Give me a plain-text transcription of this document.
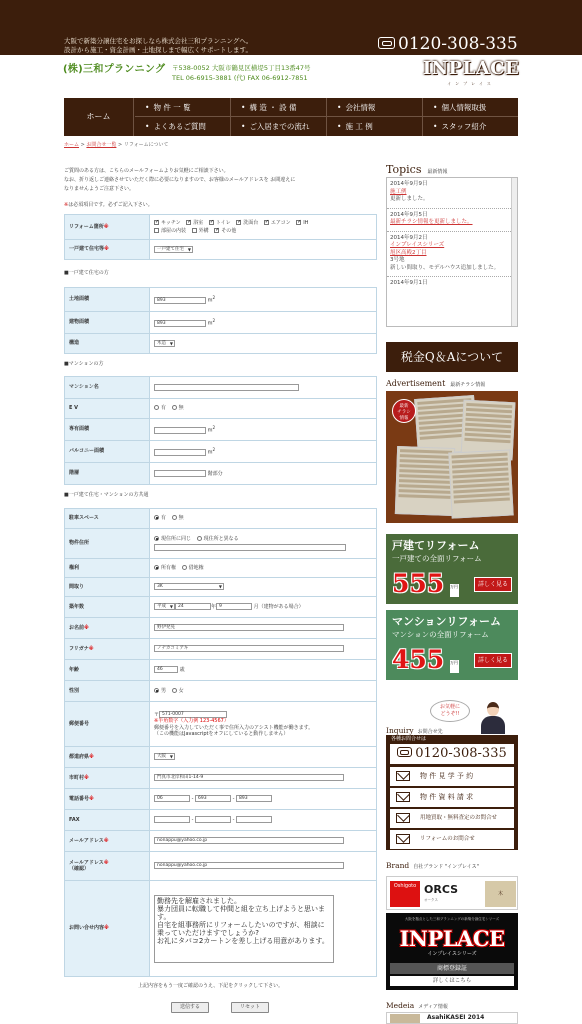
大阪で新築分譲住宅をお探しなら株式会社三和プランニングへ。
設計から施工・資金計画・土地探しまで幅広くサポートします。	0120-308-335
(株)三和プランニング 〒538-0052 大阪市鶴見区横堤5丁目13番47号
TEL 06-6915-3881 (代) FAX 06-6912-7851	INPLACE
インプレイス
ホーム
• 物 件 一 覧	• 構 造 ・ 設 備	• 会社情報	• 個人情報取扱
• よくあるご質問	• ご入居までの流れ	• 施 工 例	• スタッフ紹介
ホーム > お問合せ一覧 > リフォームについて
ご質問のある方は、こちらのメールフォームよりお気軽にご相談下さい。
なお、折り返しご連絡させていただく際に必要になりますので、お客様のメールアドレスを お間違えに
なりませんようご注意下さい。
※は必須項目です。必ずご記入下さい。
リフォーム箇所※	
✓キッチン ✓ 浴室 ✓ トイレ ✓ 洗面台 ✓ エアコン ✓ IH
部屋の内装 外構 ✓ その他

一戸建て住宅等※	一戸建て住宅 ▼
■一戸建て住宅の方
土地面積	893 $m^2$
建物面積	893 $m^2$
構造	木造 ▼
■マンションの方
マンション名	
E V	有 無
専有面積	$m^2$
バルコニー面積	$m^2$
階層	階部分
■一戸建て住宅・マンションの方共通
駐車スペース	有 無
物件住所	現住所に同じ 現住所と異なる

権利	所有権 借地権
間取り	3K ▼
築年数	平成 ▼ 24 年 9 月（建物がある場合）
お名前※	野伊発晃
フリガナ※	ノナカコミアキ
年齢	46 歳
性別	男 女
郵便番号	〒 571-0007
※半角数字（入力例 123-4567）
郵便番号を入力していただく事で住所入力のアシスト機能が働きます。
（この機能はJavascriptをオフにしていると動作しません）

都道府県※	大阪 ▼
市町村※	門真市北岸和田1-14-9
電話番号※	06 - 693 - 893
FAX	- -
メールアドレス※	nonappu@yahoo.co.jp

メールアドレス※
（確認）	nonappu@yahoo.co.jp
お問い合せ内容※	勤務先を解雇されました。
暴力団員に転職して仲間と組を立ち上げようと思います。
自宅を組事務所にリフォームしたいのですが、相談に
乗っていただけますでしょうか?
お礼にタバコ2カートンを差し上げる用意があります。
上記内容をもう一度ご確認のうえ、下記をクリックして下さい。
送信する	リセット
Topics 最新情報
2014年9月9日
施工例
更新しました。
2014年9月5日
最新チラシ情報を更新しました。
2014年9月2日
インプレイスシリーズ
旭区高殿2丁目
3号地
新しい間取り、モデルハウス追加しました。
2014年9月1日
税金Q＆Aについて
Advertisement 最新チラシ情報
最新
チラシ
情報
戸建てリフォーム
一戸建ての全面リフォーム
555 万円	詳しく見る
マンションリフォーム
マンションの全面リフォーム
455 万円	詳しく見る
お気軽に
どうぞ!!
Inquiry お問合せ先
各種お問合せは
0120-308-335
物 件 見 学 予 約
物 件 資 料 請 求
用地買取・無料査定のお問合せ
リフォームのお問合せ
Brand 自社ブランド "インプレイス"
Oshigoto ORCS
オークス
木
大阪を拠点とした三和プランニングの新築分譲住宅シリーズ
INPLACE
インプレイスシリーズ
商標登録証
詳しくはこちら
Medeia メディア情報
AsahiKASEI 2014
